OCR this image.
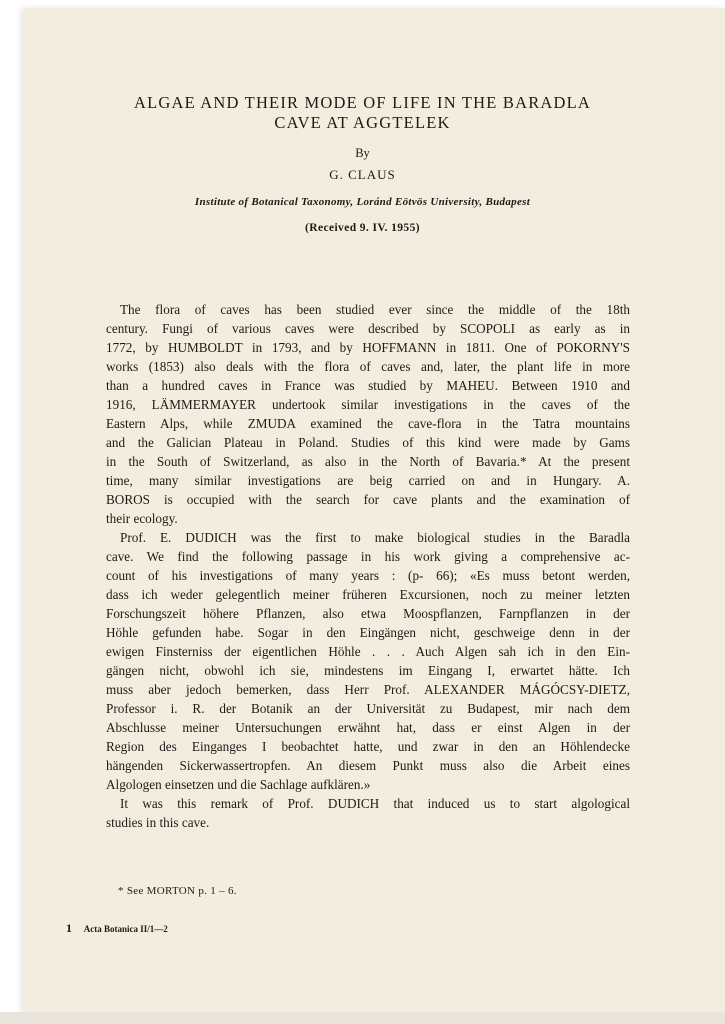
ALGAE AND THEIR MODE OF LIFE IN THE BARADLA
CAVE AT AGGTELEK
By
G. CLAUS
Institute of Botanical Taxonomy, Loránd Eötvös University, Budapest
(Received 9. IV. 1955)
The flora of caves has been studied ever since the middle of the 18th
century. Fungi of various caves were described by SCOPOLI as early as in
1772, by HUMBOLDT in 1793, and by HOFFMANN in 1811. One of POKORNY'S
works (1853) also deals with the flora of caves and, later, the plant life in more
than a hundred caves in France was studied by MAHEU. Between 1910 and
1916, LÄMMERMAYER undertook similar investigations in the caves of the
Eastern Alps, while ZMUDA examined the cave-flora in the Tatra mountains
and the Galician Plateau in Poland. Studies of this kind were made by Gams
in the South of Switzerland, as also in the North of Bavaria.* At the present
time, many similar investigations are beig carried on and in Hungary. A.
BOROS is occupied with the search for cave plants and the examination of
their ecology.
Prof. E. DUDICH was the first to make biological studies in the Baradla
cave. We find the following passage in his work giving a comprehensive ac-
count of his investigations of many years : (p- 66); «Es muss betont werden,
dass ich weder gelegentlich meiner früheren Excursionen, noch zu meiner letzten
Forschungszeit höhere Pflanzen, also etwa Moospflanzen, Farnpflanzen in der
Höhle gefunden habe. Sogar in den Eingängen nicht, geschweige denn in der
ewigen Finsterniss der eigentlichen Höhle . . . Auch Algen sah ich in den Ein-
gängen nicht, obwohl ich sie, mindestens im Eingang I, erwartet hätte. Ich
muss aber jedoch bemerken, dass Herr Prof. ALEXANDER MÁGÓCSY-DIETZ,
Professor i. R. der Botanik an der Universität zu Budapest, mir nach dem
Abschlusse meiner Untersuchungen erwähnt hat, dass er einst Algen in der
Region des Einganges I beobachtet hatte, und zwar in den an Höhlendecke
hängenden Sickerwassertropfen. An diesem Punkt muss also die Arbeit eines
Algologen einsetzen und die Sachlage aufklären.»
It was this remark of Prof. DUDICH that induced us to start algological
studies in this cave.
* See MORTON p. 1 – 6.
1 Acta Botanica II/1—2
